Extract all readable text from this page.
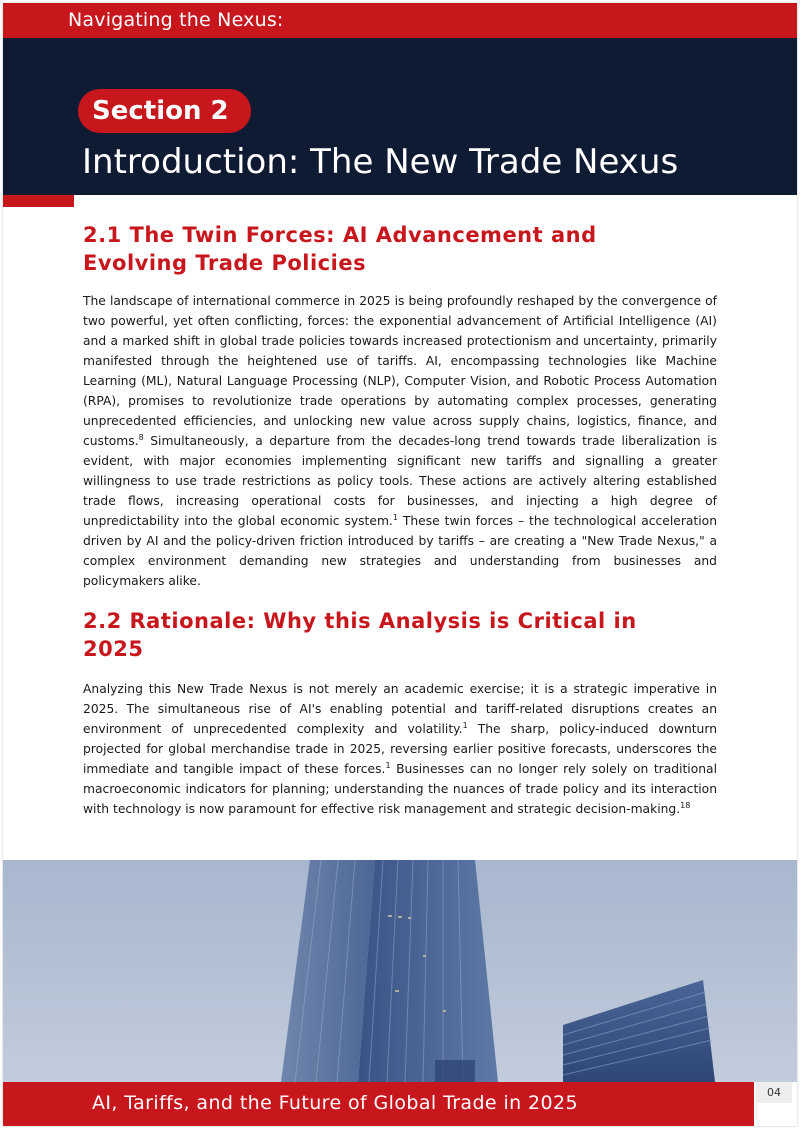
Navigating the Nexus:
Section 2
Introduction: The New Trade Nexus
2.1 The Twin Forces: AI Advancement and Evolving Trade Policies

The landscape of international commerce in 2025 is being profoundly reshaped by the convergence of two powerful, yet often conflicting, forces: the exponential advancement of Artificial Intelligence (AI) and a marked shift in global trade policies towards increased protectionism and uncertainty, primarily manifested through the heightened use of tariffs. AI, encompassing technologies like Machine Learning (ML), Natural Language Processing (NLP), Computer Vision, and Robotic Process Automation (RPA), promises to revolutionize trade operations by automating complex processes, generating unprecedented efficiencies, and unlocking new value across supply chains, logistics, finance, and customs.$^8$ Simultaneously, a departure from the decades-long trend towards trade liberalization is evident, with major economies implementing significant new tariffs and signalling a greater willingness to use trade restrictions as policy tools. These actions are actively altering established trade flows, increasing operational costs for businesses, and injecting a high degree of unpredictability into the global economic system.$^1$ These twin forces – the technological acceleration driven by AI and the policy-driven friction introduced by tariffs – are creating a "New Trade Nexus," a complex environment demanding new strategies and understanding from businesses and policymakers alike.

2.2 Rationale: Why this Analysis is Critical in 2025

Analyzing this New Trade Nexus is not merely an academic exercise; it is a strategic imperative in 2025. The simultaneous rise of AI's enabling potential and tariff-related disruptions creates an environment of unprecedented complexity and volatility.$^1$ The sharp, policy-induced downturn projected for global merchandise trade in 2025, reversing earlier positive forecasts, underscores the immediate and tangible impact of these forces.$^1$ Businesses can no longer rely solely on traditional macroeconomic indicators for planning; understanding the nuances of trade policy and its interaction with technology is now paramount for effective risk management and strategic decision-making.$^{18}$

AI, Tariffs, and the Future of Global Trade in 2025	04
